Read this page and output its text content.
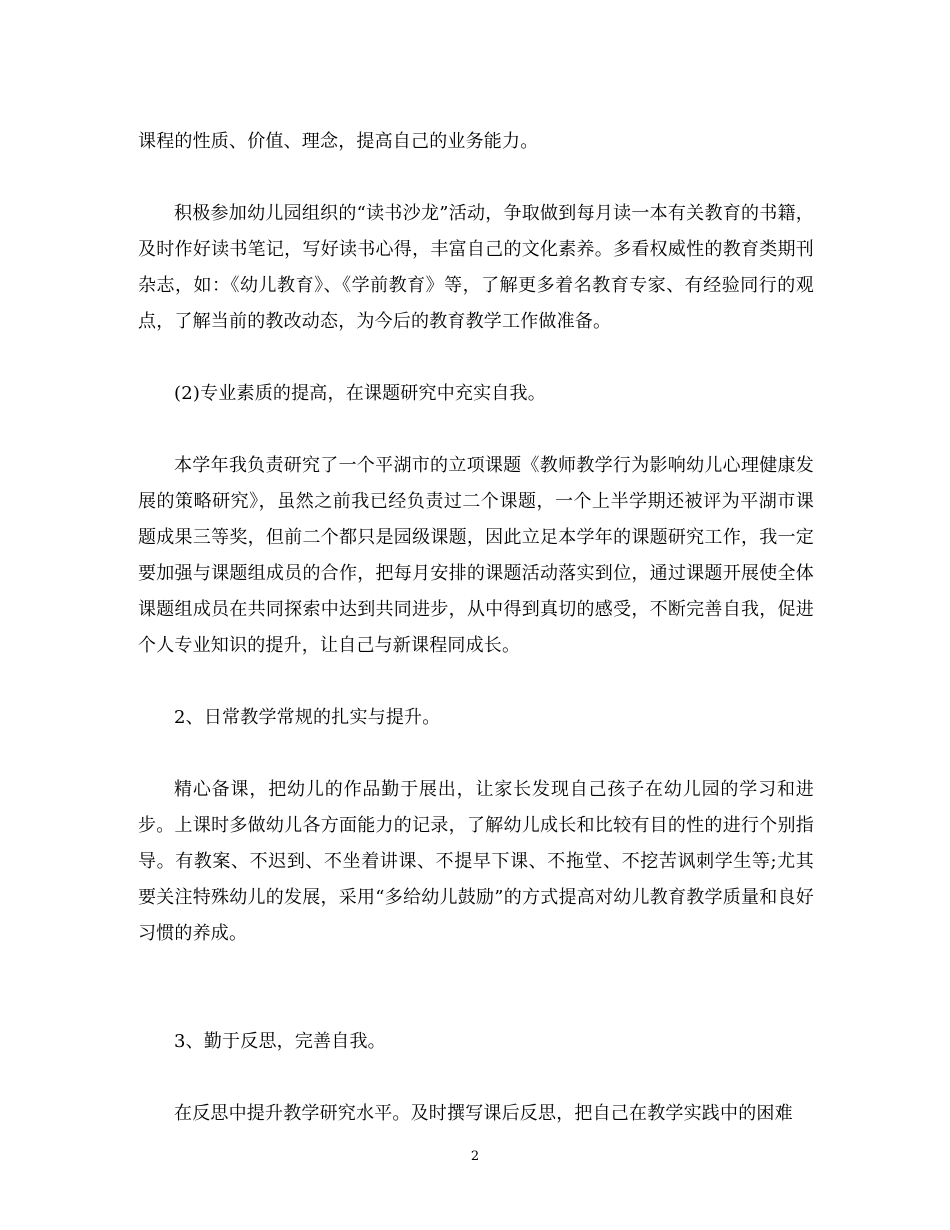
课程的性质、价值、理念，提高自己的业务能力。

积极参加幼儿园组织的“读书沙龙”活动，争取做到每月读一本有关教育的书籍，及时作好读书笔记，写好读书心得，丰富自己的文化素养。多看权威性的教育类期刊杂志，如：《幼儿教育》、《学前教育》等，了解更多着名教育专家、有经验同行的观点，了解当前的教改动态，为今后的教育教学工作做准备。

(2)专业素质的提高，在课题研究中充实自我。

本学年我负责研究了一个平湖市的立项课题《教师教学行为影响幼儿心理健康发展的策略研究》，虽然之前我已经负责过二个课题，一个上半学期还被评为平湖市课题成果三等奖，但前二个都只是园级课题，因此立足本学年的课题研究工作，我一定要加强与课题组成员的合作，把每月安排的课题活动落实到位，通过课题开展使全体课题组成员在共同探索中达到共同进步，从中得到真切的感受，不断完善自我，促进个人专业知识的提升，让自己与新课程同成长。

2、日常教学常规的扎实与提升。

精心备课，把幼儿的作品勤于展出，让家长发现自己孩子在幼儿园的学习和进步。上课时多做幼儿各方面能力的记录，了解幼儿成长和比较有目的性的进行个别指导。有教案、不迟到、不坐着讲课、不提早下课、不拖堂、不挖苦讽刺学生等;尤其要关注特殊幼儿的发展，采用“多给幼儿鼓励”的方式提高对幼儿教育教学质量和良好习惯的养成。

3、勤于反思，完善自我。

在反思中提升教学研究水平。及时撰写课后反思，把自己在教学实践中的困难

2
